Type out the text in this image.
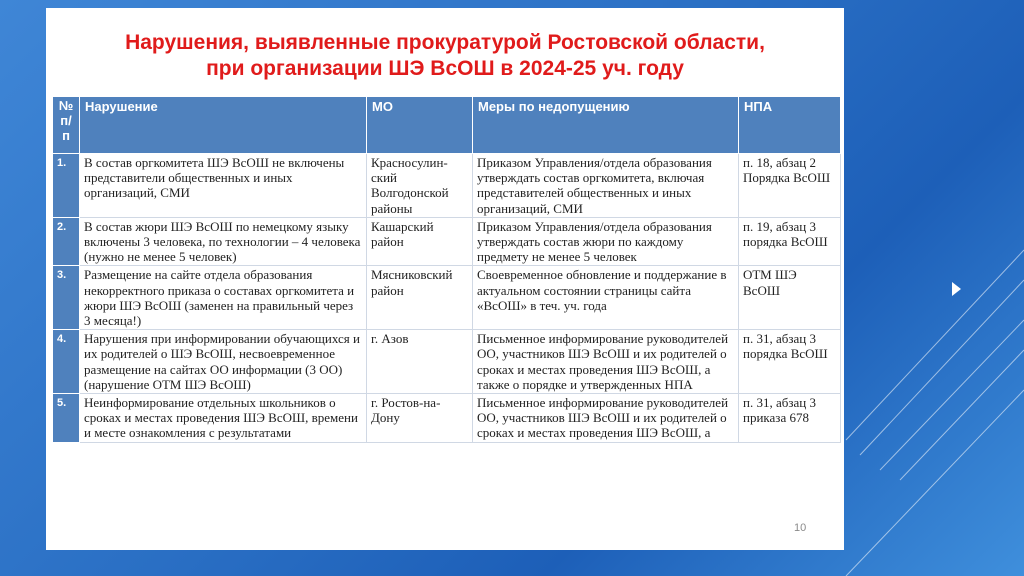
Нарушения, выявленные прокуратурой Ростовской области,
при организации ШЭ ВсОШ в 2024-25 уч. году
№
п/
п	Нарушение	МО	Меры по недопущению	НПА
1.	В состав оргкомитета ШЭ ВсОШ не включены представители общественных и иных организаций, СМИ	Красносулин-ский Волгодонской районы	Приказом Управления/отдела образования утверждать состав оргкомитета, включая представителей общественных и иных организаций, СМИ	п. 18, абзац 2 Порядка ВсОШ
2.	В состав жюри ШЭ ВсОШ по немецкому языку включены 3 человека, по технологии – 4 человека (нужно не менее 5 человек)	Кашарский район	Приказом Управления/отдела образования утверждать состав жюри по каждому предмету не менее 5 человек	п. 19, абзац 3 порядка ВсОШ
3.	Размещение на сайте отдела образования некорректного приказа о составах оргкомитета и жюри ШЭ ВсОШ (заменен на правильный через 3 месяца!)	Мясниковский район	Своевременное обновление и поддержание в актуальном состоянии страницы сайта «ВсОШ» в теч. уч. года	ОТМ ШЭ ВсОШ
4.	Нарушения при информировании обучающихся и их родителей о ШЭ ВсОШ, несвоевременное размещение на сайтах ОО информации (3 ОО) (нарушение ОТМ ШЭ ВсОШ)	г. Азов	Письменное информирование руководителей ОО, участников ШЭ ВсОШ и их родителей о сроках и местах проведения ШЭ ВсОШ, а также о порядке и утвержденных НПА	п. 31, абзац 3 порядка ВсОШ
5.	Неинформирование отдельных школьников о сроках и местах проведения ШЭ ВсОШ, времени и месте ознакомления с результатами	г. Ростов-на-Дону	Письменное информирование руководителей ОО, участников ШЭ ВсОШ и их родителей о сроках и местах проведения ШЭ ВсОШ, а	п. 31, абзац 3 приказа 678
10
